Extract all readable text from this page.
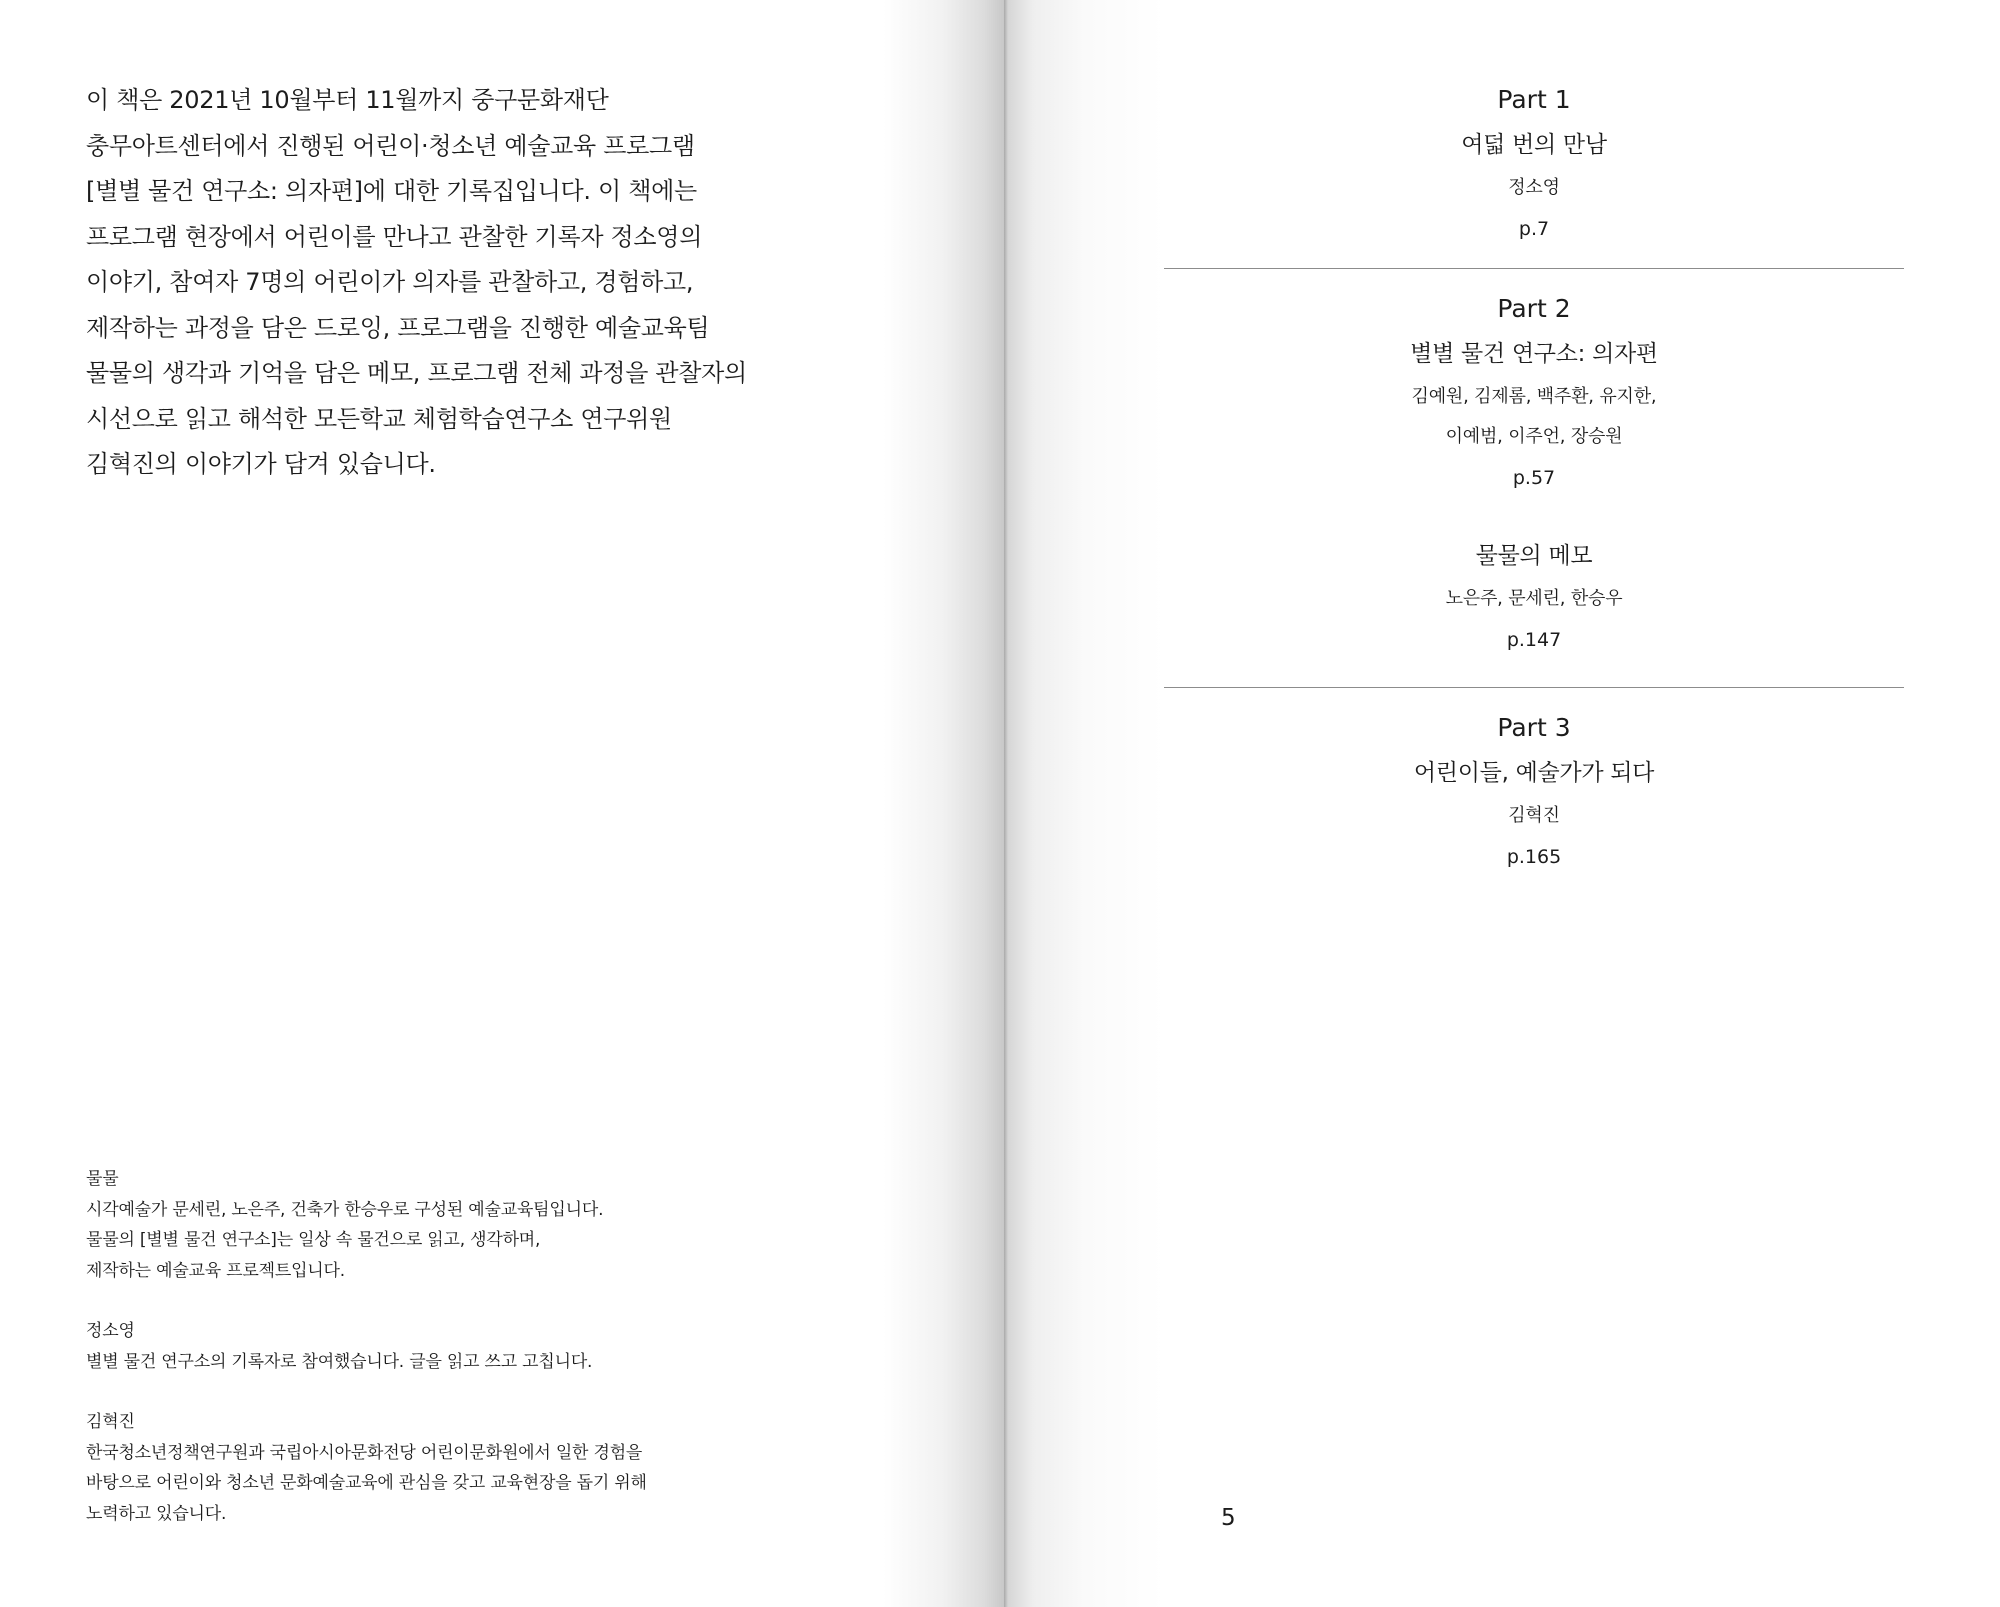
이 책은 2021년 10월부터 11월까지 중구문화재단
충무아트센터에서 진행된 어린이·청소년 예술교육 프로그램
[별별 물건 연구소: 의자편]에 대한 기록집입니다. 이 책에는
프로그램 현장에서 어린이를 만나고 관찰한 기록자 정소영의
이야기, 참여자 7명의 어린이가 의자를 관찰하고, 경험하고,
제작하는 과정을 담은 드로잉, 프로그램을 진행한 예술교육팀
물물의 생각과 기억을 담은 메모, 프로그램 전체 과정을 관찰자의
시선으로 읽고 해석한 모든학교 체험학습연구소 연구위원
김혁진의 이야기가 담겨 있습니다.
물물
시각예술가 문세린, 노은주, 건축가 한승우로 구성된 예술교육팀입니다.
물물의 [별별 물건 연구소]는 일상 속 물건으로 읽고, 생각하며,
제작하는 예술교육 프로젝트입니다.
정소영
별별 물건 연구소의 기록자로 참여했습니다. 글을 읽고 쓰고 고칩니다.
김혁진
한국청소년정책연구원과 국립아시아문화전당 어린이문화원에서 일한 경험을
바탕으로 어린이와 청소년 문화예술교육에 관심을 갖고 교육현장을 돕기 위해
노력하고 있습니다.
Part 1
여덟 번의 만남
정소영
p.7
Part 2
별별 물건 연구소: 의자편
김예원, 김제롬, 백주환, 유지한,
이예범, 이주언, 장승원
p.57
물물의 메모
노은주, 문세린, 한승우
p.147
Part 3
어린이들, 예술가가 되다
김혁진
p.165
5
